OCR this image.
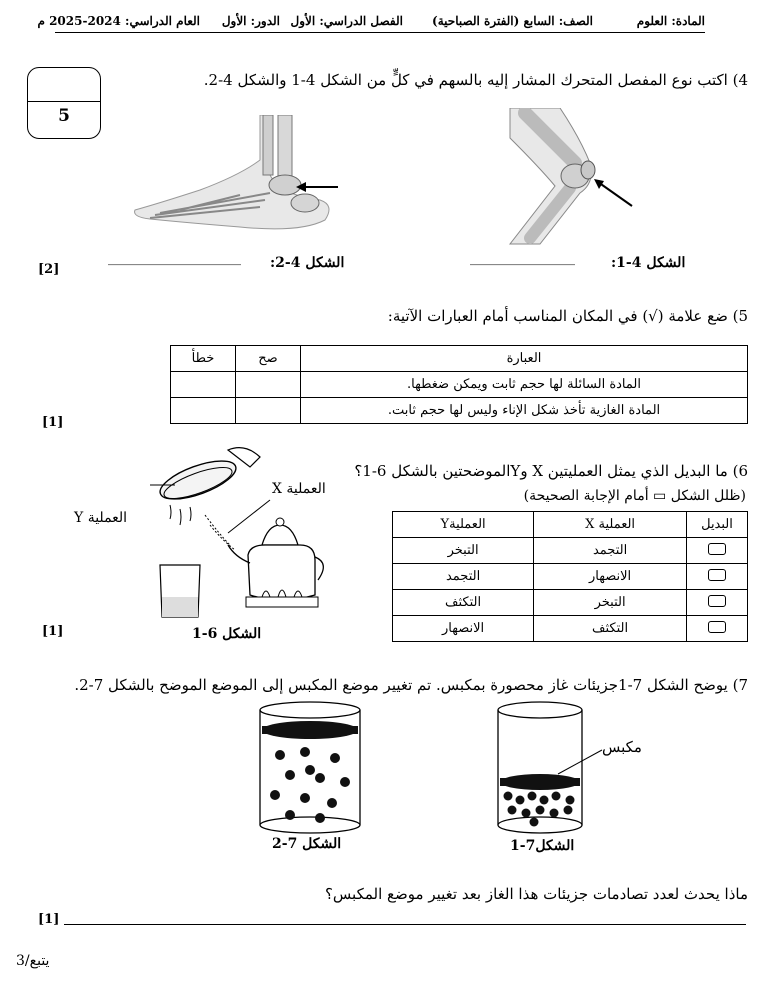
المادة: العلوم
الصف: السابع (الفترة الصباحية)
الفصل الدراسي: الأول
الدور: الأول
العام الدراسي: 2024-2025 م
5
4) اكتب نوع المفصل المتحرك المشار إليه بالسهم في كلٍّ من الشكل 4-1 والشكل 4-2.
الشكل 4-1:
_______________
الشكل 4-2:
___________________
[2]
5) ضع علامة (√) في المكان المناسب أمام العبارات الآتية:
العبارة	صح	خطأ
المادة السائلة لها حجم ثابت ويمكن ضغطها.		
المادة الغازية تأخذ شكل الإناء وليس لها حجم ثابت.		
[1]
6) ما البديل الذي يمثل العمليتين X وYالموضحتين بالشكل 6-1؟
(ظلل الشكل ▭ أمام الإجابة الصحيحة)
البديل	العملية X	العمليةY
	التجمد	التبخر
	الانصهار	التجمد
	التبخر	التكثف
	التكثف	الانصهار
العملية X
العملية Y
الشكل 6-1
[1]
7) يوضح الشكل 7-1جزيئات غاز محصورة بمكبس. تم تغيير موضع المكبس إلى الموضع الموضح بالشكل 7-2.
مكبس
الشكل7-1
الشكل 7-2
ماذا يحدث لعدد تصادمات جزيئات هذا الغاز بعد تغيير موضع المكبس؟
[1]
يتبع/3
